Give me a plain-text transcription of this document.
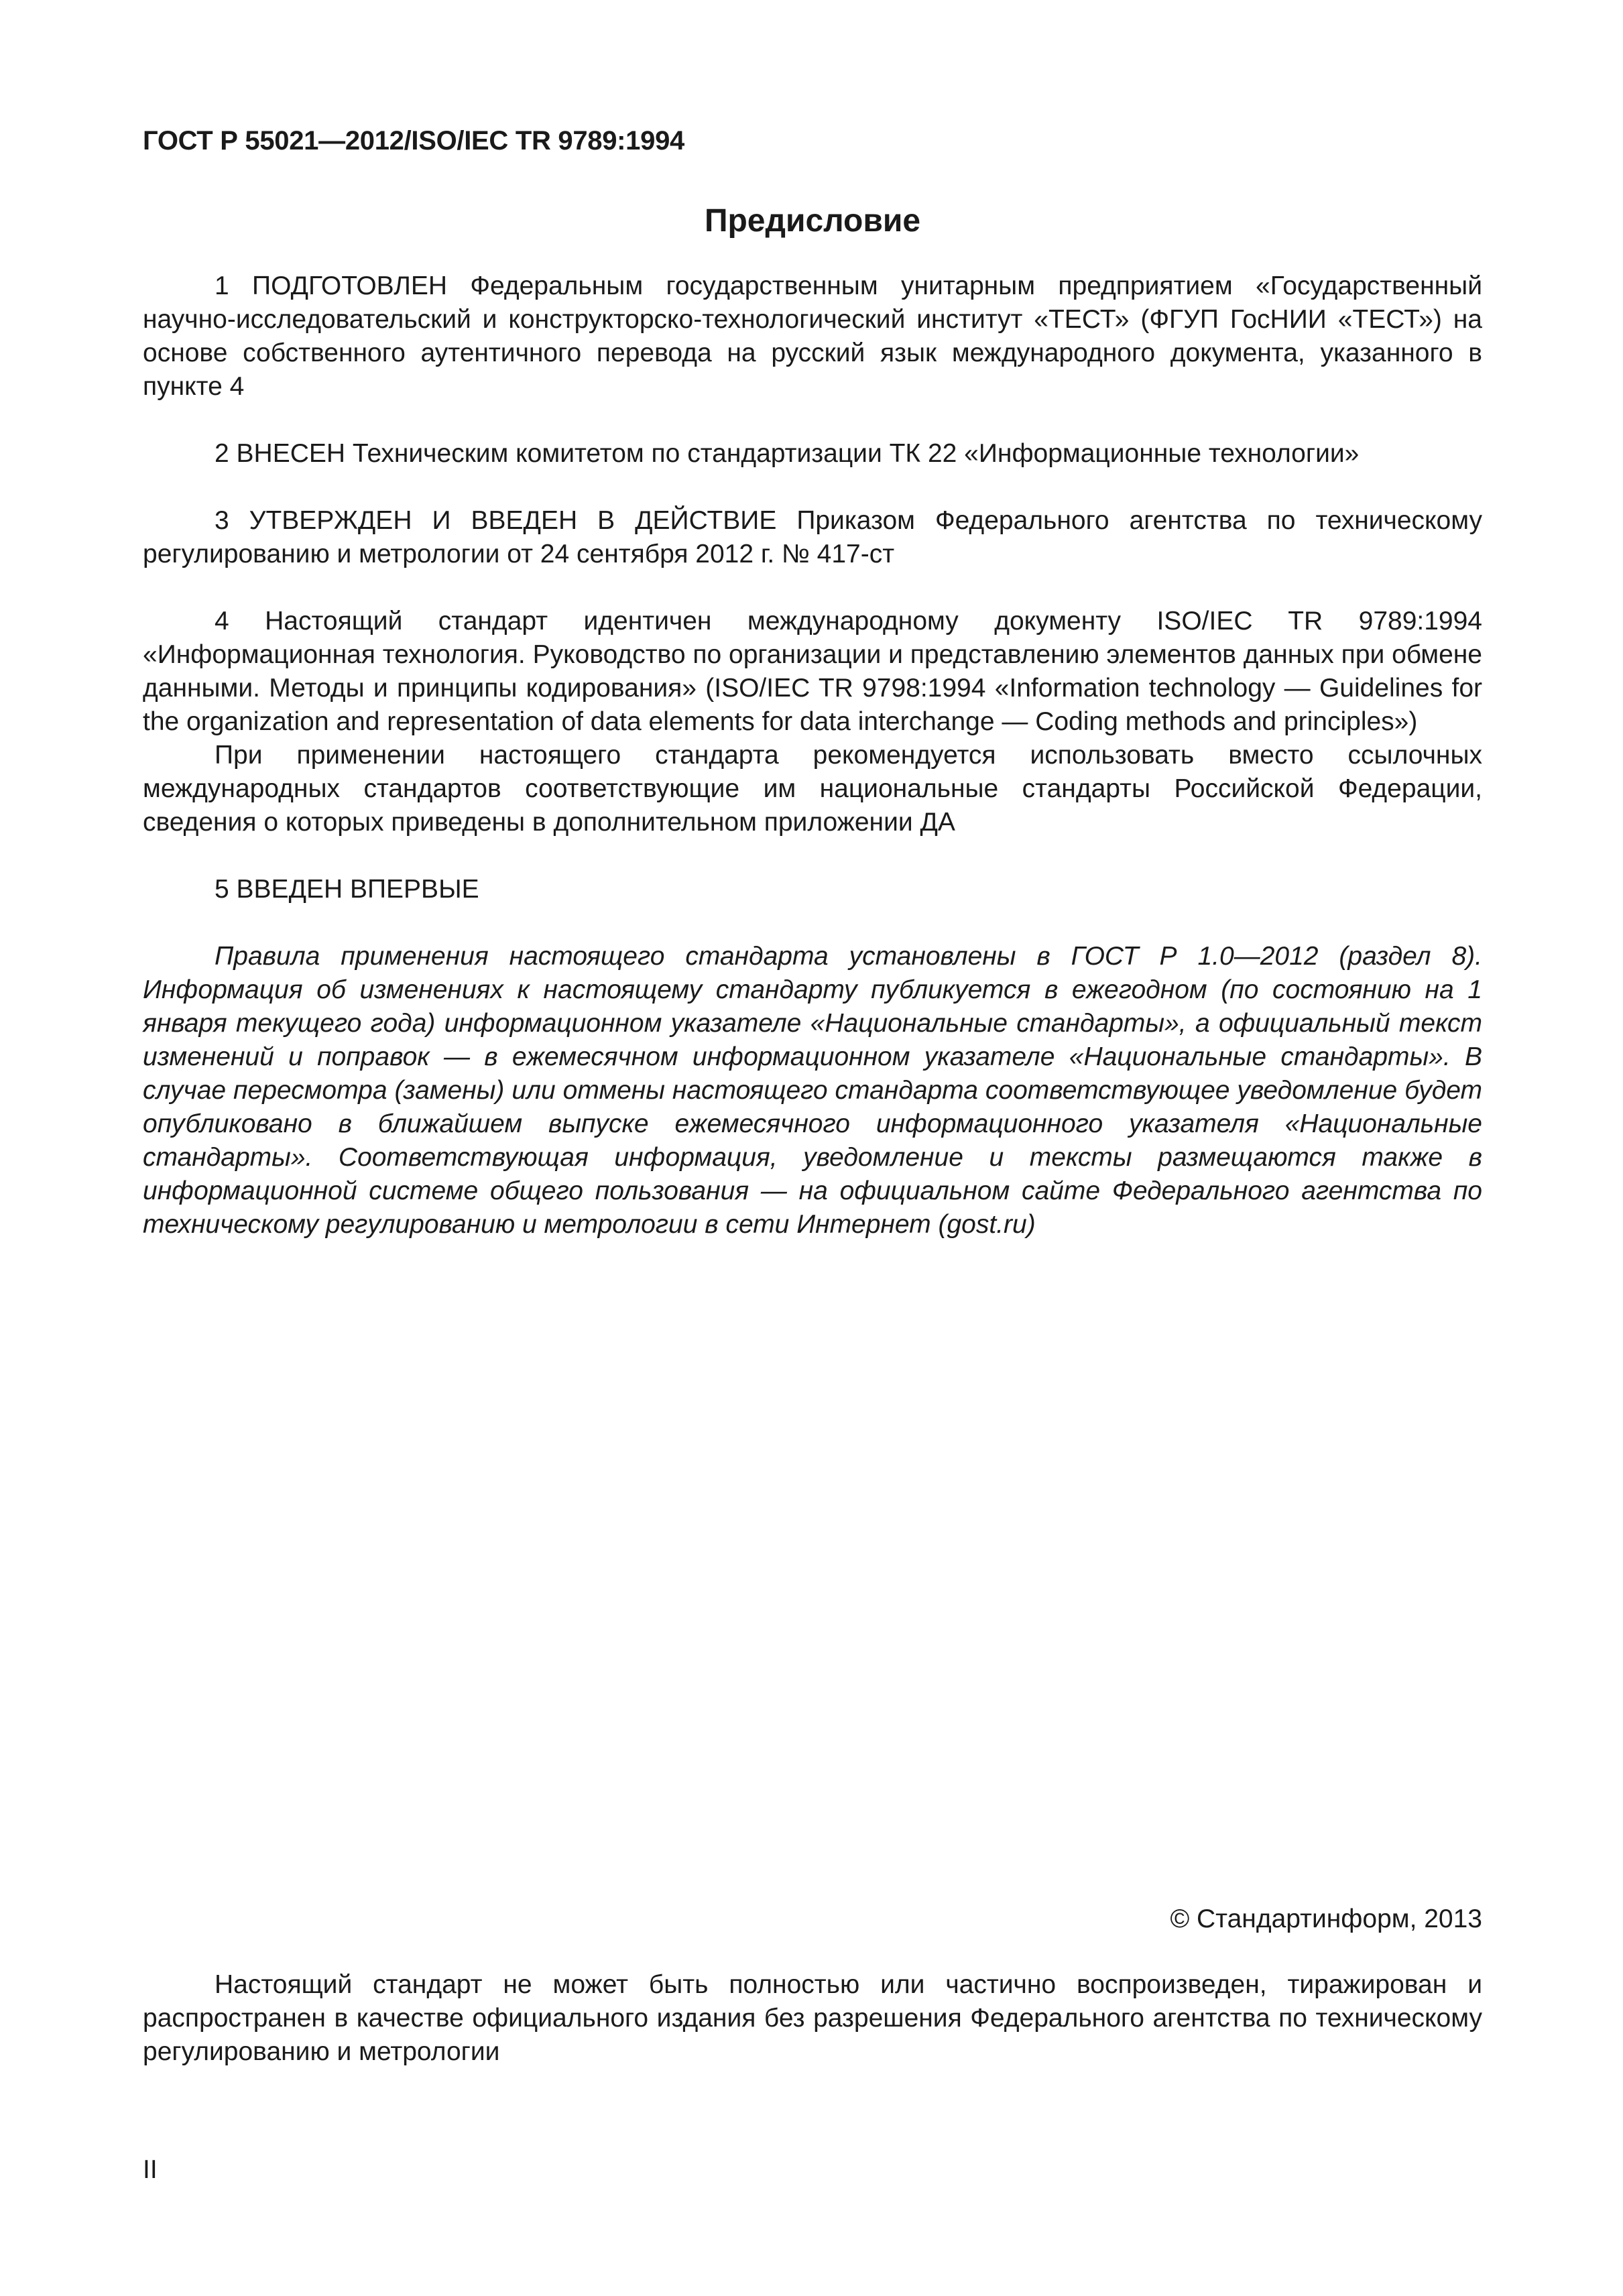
ГОСТ Р 55021—2012/ISO/IEC TR 9789:1994
Предисловие

1 ПОДГОТОВЛЕН Федеральным государственным унитарным предприятием «Государственный научно-исследовательский и конструкторско-технологический институт «ТЕСТ» (ФГУП ГосНИИ «ТЕСТ») на основе собственного аутентичного перевода на русский язык международного документа, указанного в пункте 4

2 ВНЕСЕН Техническим комитетом по стандартизации ТК 22 «Информационные технологии»

3 УТВЕРЖДЕН И ВВЕДЕН В ДЕЙСТВИЕ Приказом Федерального агентства по техническому регулированию и метрологии от 24 сентября 2012 г. № 417-ст

4 Настоящий стандарт идентичен международному документу ISO/IEC TR 9789:1994 «Информационная технология. Руководство по организации и представлению элементов данных при обмене данными. Методы и принципы кодирования» (ISO/IEC TR 9798:1994 «Information technology — Guidelines for the organization and representation of data elements for data interchange — Coding methods and principles»)

При применении настоящего стандарта рекомендуется использовать вместо ссылочных международных стандартов соответствующие им национальные стандарты Российской Федерации, сведения о которых приведены в дополнительном приложении ДА

5 ВВЕДЕН ВПЕРВЫЕ

Правила применения настоящего стандарта установлены в ГОСТ Р 1.0—2012 (раздел 8). Информация об изменениях к настоящему стандарту публикуется в ежегодном (по состоянию на 1 января текущего года) информационном указателе «Национальные стандарты», а официальный текст изменений и поправок — в ежемесячном информационном указателе «Национальные стандарты». В случае пересмотра (замены) или отмены настоящего стандарта соответствующее уведомление будет опубликовано в ближайшем выпуске ежемесячного информационного указателя «Национальные стандарты». Соответствующая информация, уведомление и тексты размещаются также в информационной системе общего пользования — на официальном сайте Федерального агентства по техническому регулированию и метрологии в сети Интернет (gost.ru)

© Стандартинформ, 2013

Настоящий стандарт не может быть полностью или частично воспроизведен, тиражирован и распространен в качестве официального издания без разрешения Федерального агентства по техническому регулированию и метрологии

II
